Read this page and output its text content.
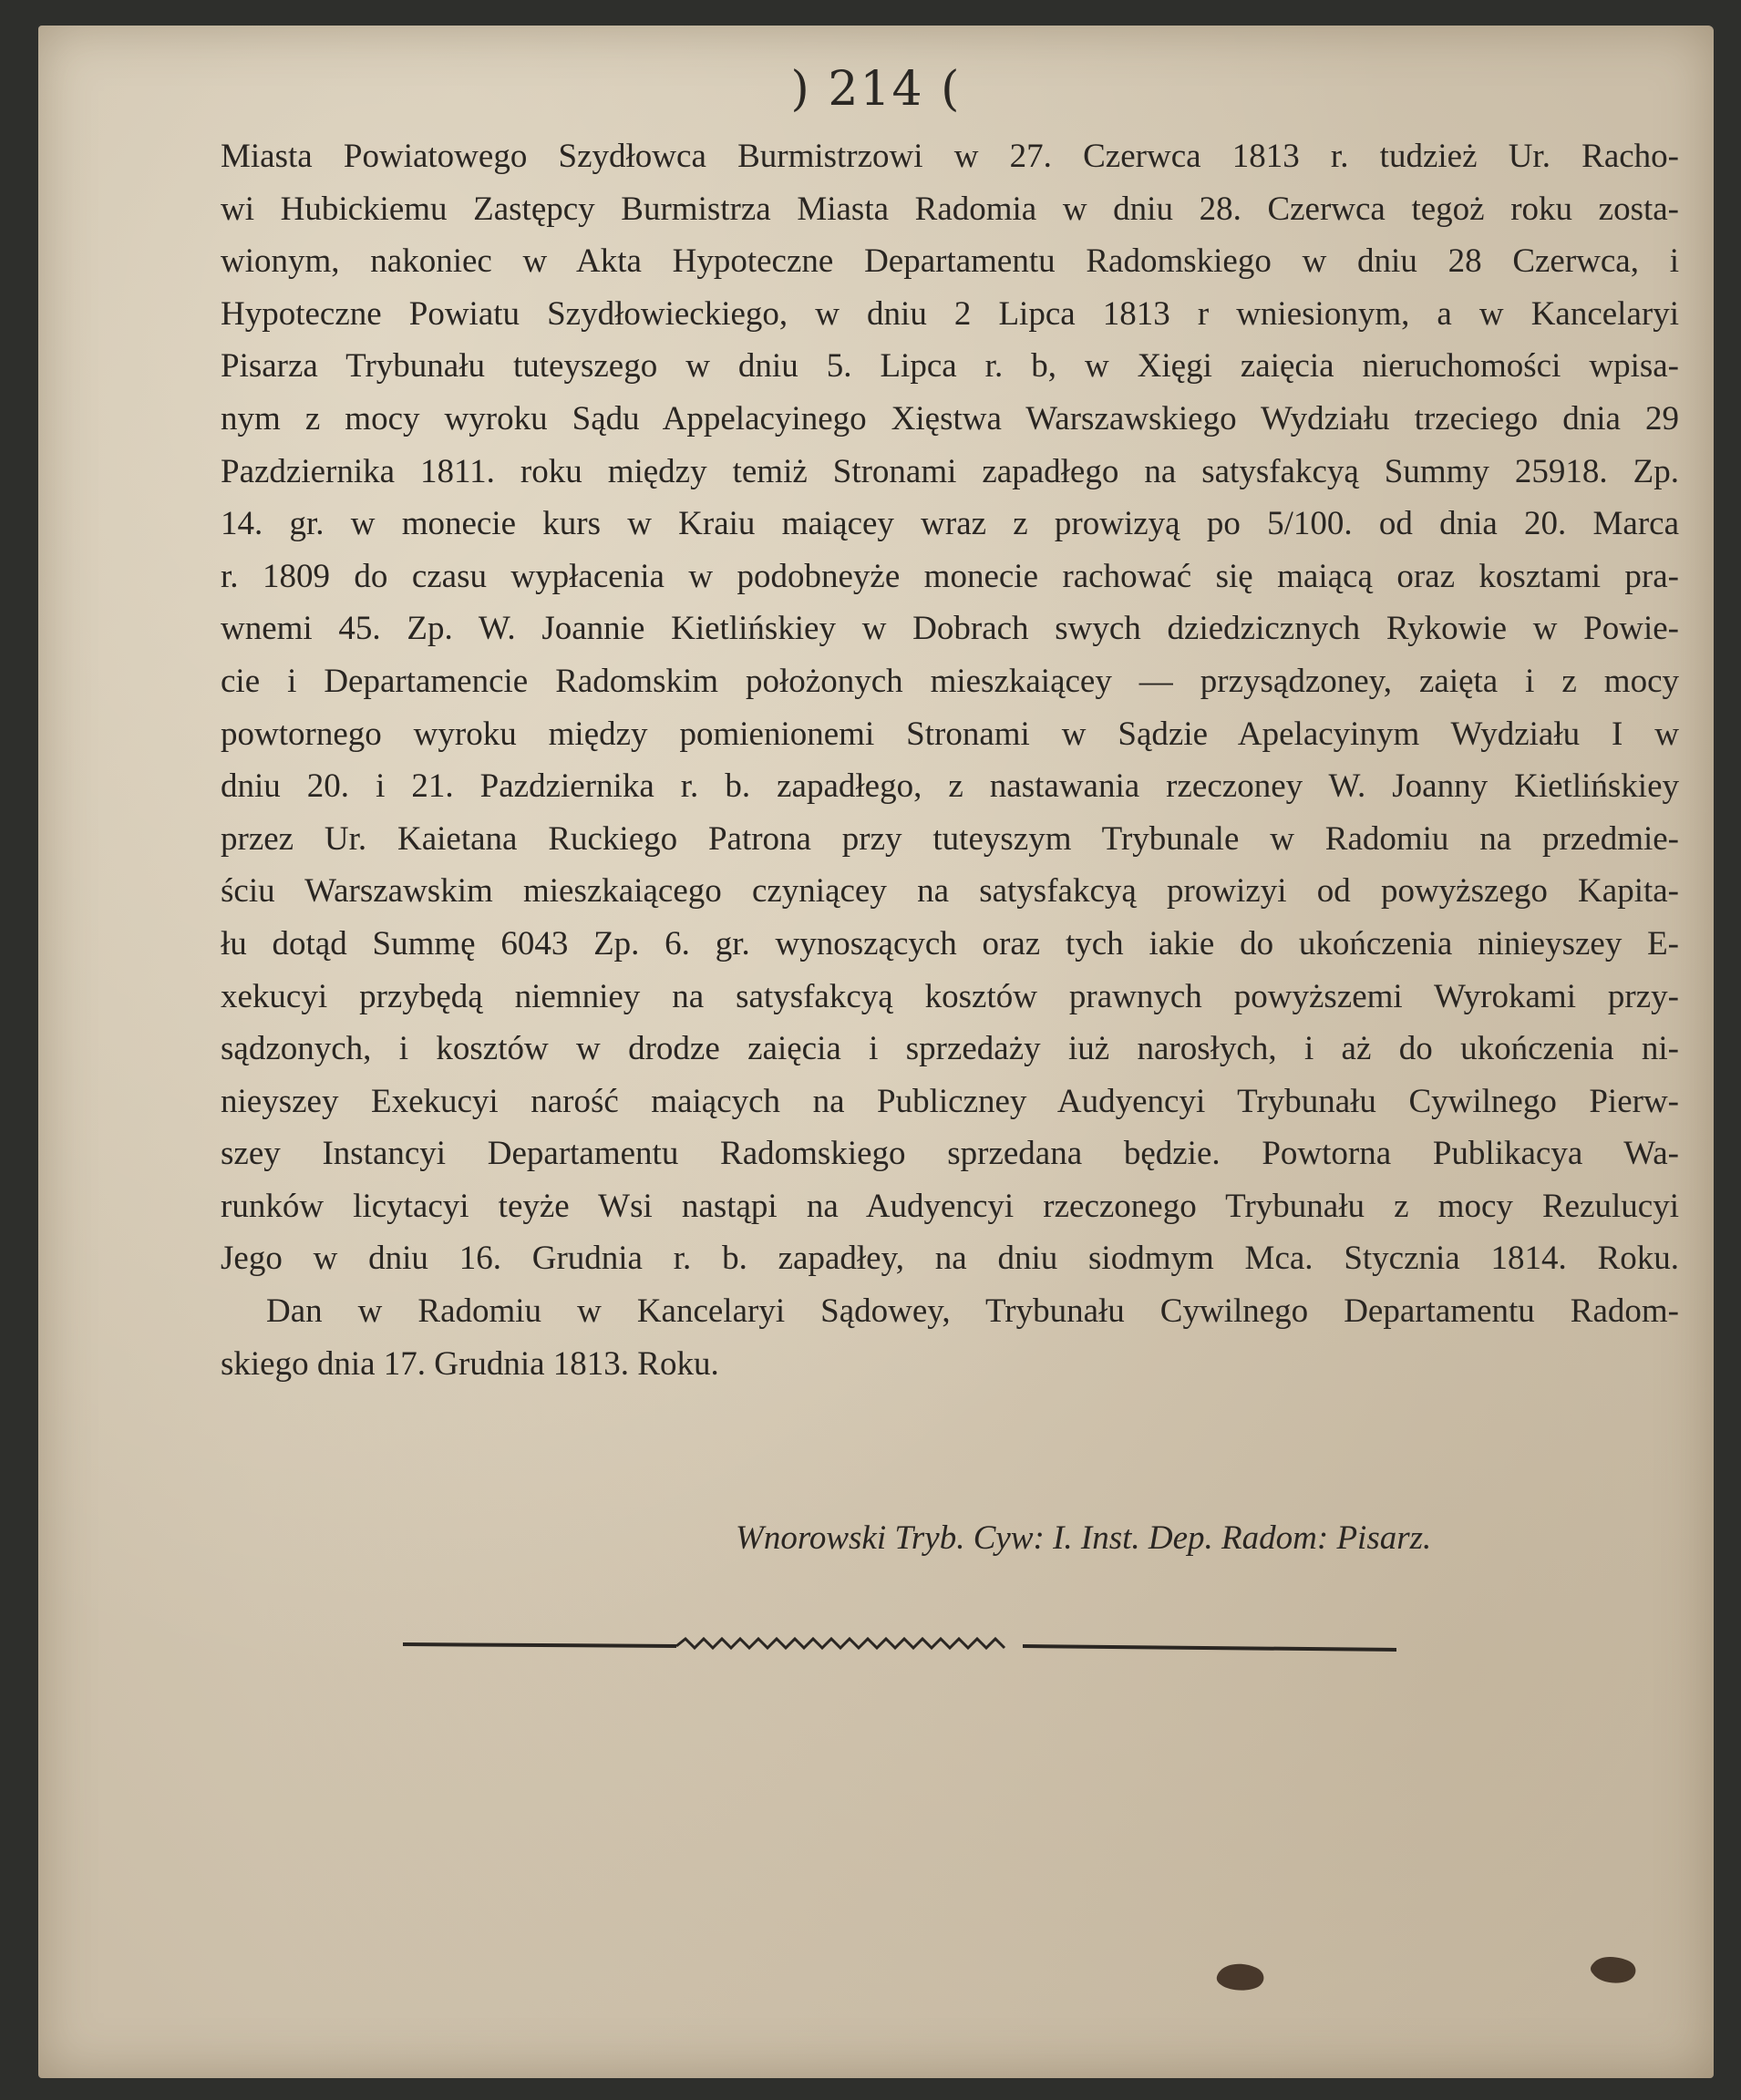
) 214 (
Miasta Powiatowego Szydłowca Burmistrzowi w 27. Czerwca 1813 r. tudzież Ur. Racho-
wi Hubickiemu Zastępcy Burmistrza Miasta Radomia w dniu 28. Czerwca tegoż roku zosta-
wionym, nakoniec w Akta Hypoteczne Departamentu Radomskiego w dniu 28 Czerwca, i
Hypoteczne Powiatu Szydłowieckiego, w dniu 2 Lipca 1813 r wniesionym, a w Kancelaryi
Pisarza Trybunału tuteyszego w dniu 5. Lipca r. b, w Xięgi zaięcia nieruchomości wpisa-
nym z mocy wyroku Sądu Appelacyinego Xięstwa Warszawskiego Wydziału trzeciego dnia 29
Pazdziernika 1811. roku między temiż Stronami zapadłego na satysfakcyą Summy 25918. Zp.
14. gr. w monecie kurs w Kraiu maiącey wraz z prowizyą po 5/100. od dnia 20. Marca
r. 1809 do czasu wypłacenia w podobneyże monecie rachować się maiącą oraz kosztami pra-
wnemi 45. Zp. W. Joannie Kietlińskiey w Dobrach swych dziedzicznych Rykowie w Powie-
cie i Departamencie Radomskim położonych mieszkaiącey — przysądzoney, zaięta i z mocy
powtornego wyroku między pomienionemi Stronami w Sądzie Apelacyinym Wydziału I w
dniu 20. i 21. Pazdziernika r. b. zapadłego, z nastawania rzeczoney W. Joanny Kietlińskiey
przez Ur. Kaietana Ruckiego Patrona przy tuteyszym Trybunale w Radomiu na przedmie-
ściu Warszawskim mieszkaiącego czyniącey na satysfakcyą prowizyi od powyższego Kapita-
łu dotąd Summę 6043 Zp. 6. gr. wynoszących oraz tych iakie do ukończenia ninieyszey E-
xekucyi przybędą niemniey na satysfakcyą kosztów prawnych powyższemi Wyrokami przy-
sądzonych, i kosztów w drodze zaięcia i sprzedaży iuż narosłych, i aż do ukończenia ni-
nieyszey Exekucyi narość maiących na Publiczney Audyencyi Trybunału Cywilnego Pierw-
szey Instancyi Departamentu Radomskiego sprzedana będzie. Powtorna Publikacya Wa-
runków licytacyi teyże Wsi nastąpi na Audyencyi rzeczonego Trybunału z mocy Rezulucyi
Jego w dniu 16. Grudnia r. b. zapadłey, na dniu siodmym Mca. Stycznia 1814. Roku.
Dan w Radomiu w Kancelaryi Sądowey, Trybunału Cywilnego Departamentu Radom-
skiego dnia 17. Grudnia 1813. Roku.
Wnorowski Tryb. Cyw: I. Inst. Dep. Radom: Pisarz.
